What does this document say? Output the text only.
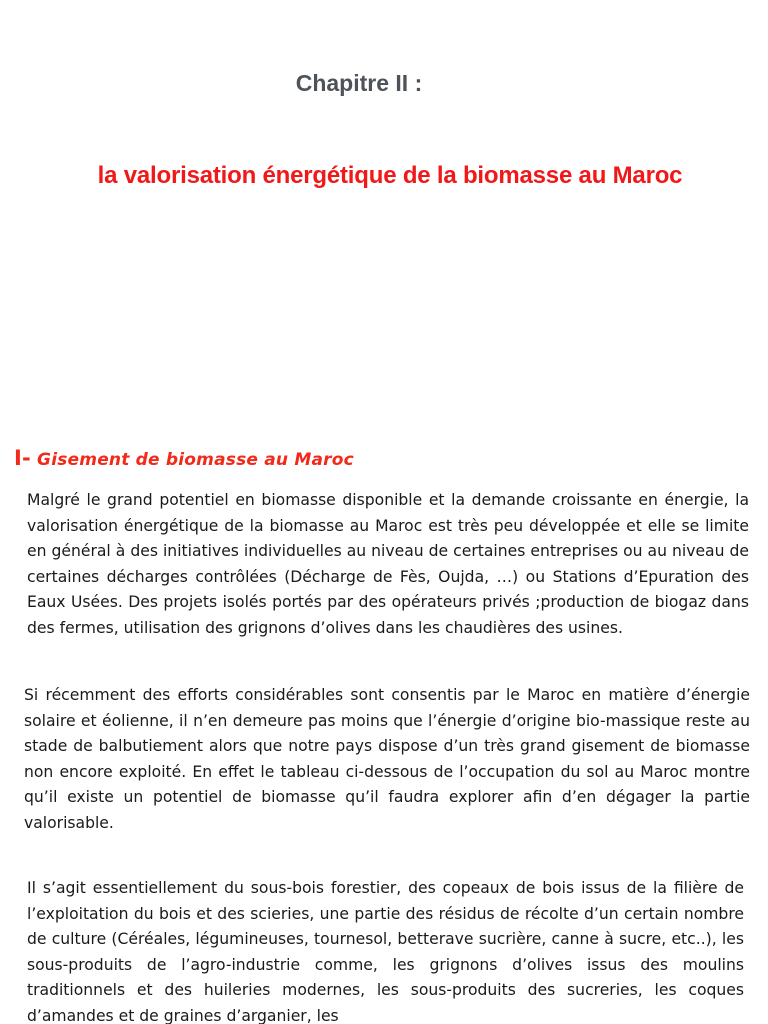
Chapitre II :
la valorisation énergétique de la biomasse au Maroc
I- Gisement de biomasse au Maroc

Malgré le grand potentiel en biomasse disponible et la demande croissante en énergie, la valorisation énergétique de la biomasse au Maroc est très peu développée et elle se limite en général à des initiatives individuelles au niveau de certaines entreprises ou au niveau de certaines décharges contrôlées (Décharge de Fès, Oujda, …) ou Stations d’Epuration des Eaux Usées. Des projets isolés portés par des opérateurs privés ;production de biogaz dans des fermes, utilisation des grignons d’olives dans les chaudières des usines.

Si récemment des efforts considérables sont consentis par le Maroc en matière d’énergie solaire et éolienne, il n’en demeure pas moins que l’énergie d’origine bio-massique reste au stade de balbutiement alors que notre pays dispose d’un très grand gisement de biomasse non encore exploité. En effet le tableau ci-dessous de l’occupation du sol au Maroc montre qu’il existe un potentiel de biomasse qu’il faudra explorer afin d’en dégager la partie valorisable.

Il s’agit essentiellement du sous-bois forestier, des copeaux de bois issus de la filière de l’exploitation du bois et des scieries, une partie des résidus de récolte d’un certain nombre de culture (Céréales, légumineuses, tournesol, betterave sucrière, canne à sucre, etc..), les sous-produits de l’agro-industrie comme, les grignons d’olives issus des moulins traditionnels et des huileries modernes, les sous-produits des sucreries, les coques d’amandes et de graines d’arganier, les
